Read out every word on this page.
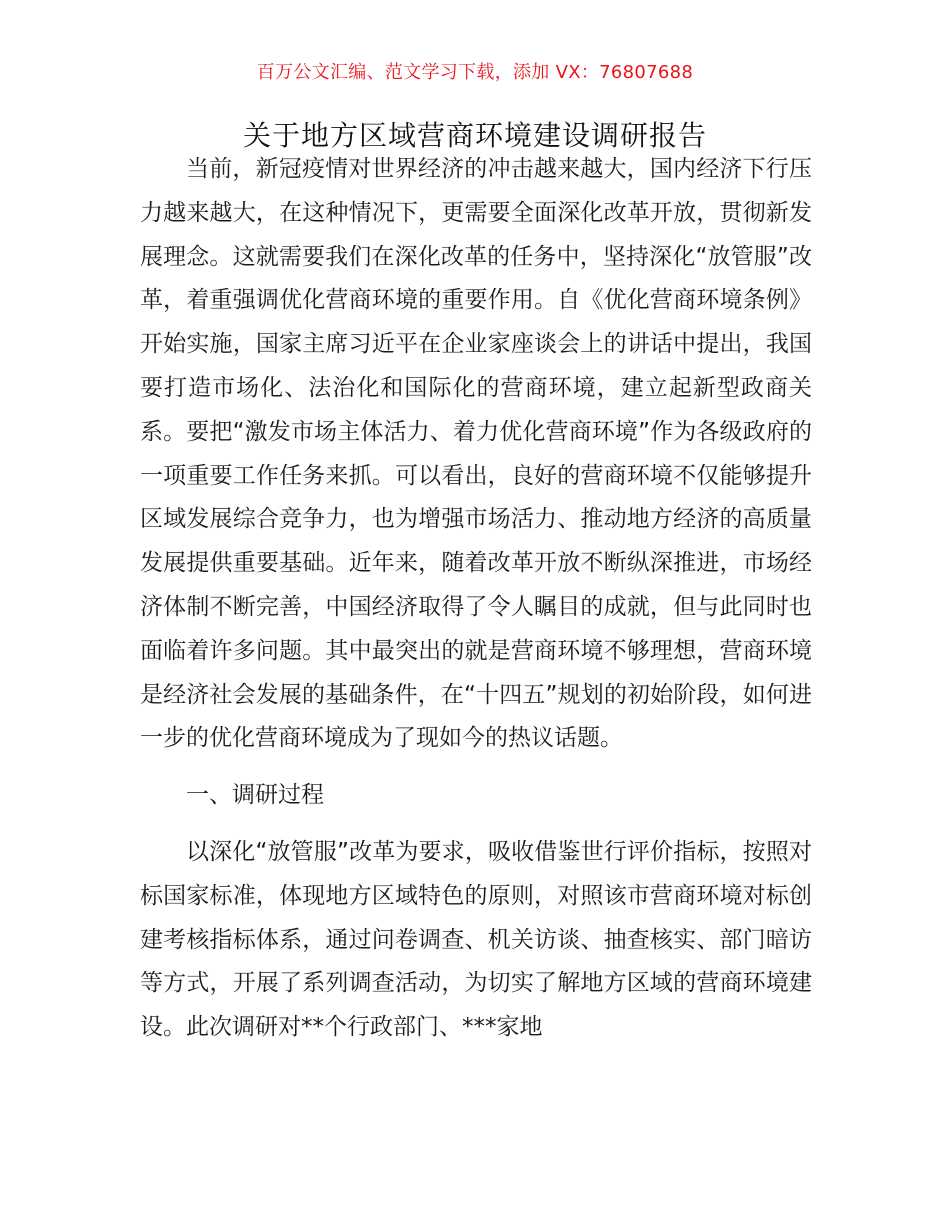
百万公文汇编、范文学习下载，添加 VX：76807688
关于地方区域营商环境建设调研报告

当前，新冠疫情对世界经济的冲击越来越大，国内经济下行压力越来越大，在这种情况下，更需要全面深化改革开放，贯彻新发展理念。这就需要我们在深化改革的任务中，坚持深化“放管服”改革，着重强调优化营商环境的重要作用。自《优化营商环境条例》开始实施，国家主席习近平在企业家座谈会上的讲话中提出，我国要打造市场化、法治化和国际化的营商环境，建立起新型政商关系。要把“激发市场主体活力、着力优化营商环境”作为各级政府的一项重要工作任务来抓。可以看出，良好的营商环境不仅能够提升区域发展综合竞争力，也为增强市场活力、推动地方经济的高质量发展提供重要基础。近年来，随着改革开放不断纵深推进，市场经济体制不断完善，中国经济取得了令人瞩目的成就，但与此同时也面临着许多问题。其中最突出的就是营商环境不够理想，营商环境是经济社会发展的基础条件，在“十四五”规划的初始阶段，如何进一步的优化营商环境成为了现如今的热议话题。

一、调研过程

以深化“放管服”改革为要求，吸收借鉴世行评价指标，按照对标国家标准，体现地方区域特色的原则，对照该市营商环境对标创建考核指标体系，通过问卷调查、机关访谈、抽查核实、部门暗访等方式，开展了系列调查活动，为切实了解地方区域的营商环境建设。此次调研对**个行政部门、***家地
